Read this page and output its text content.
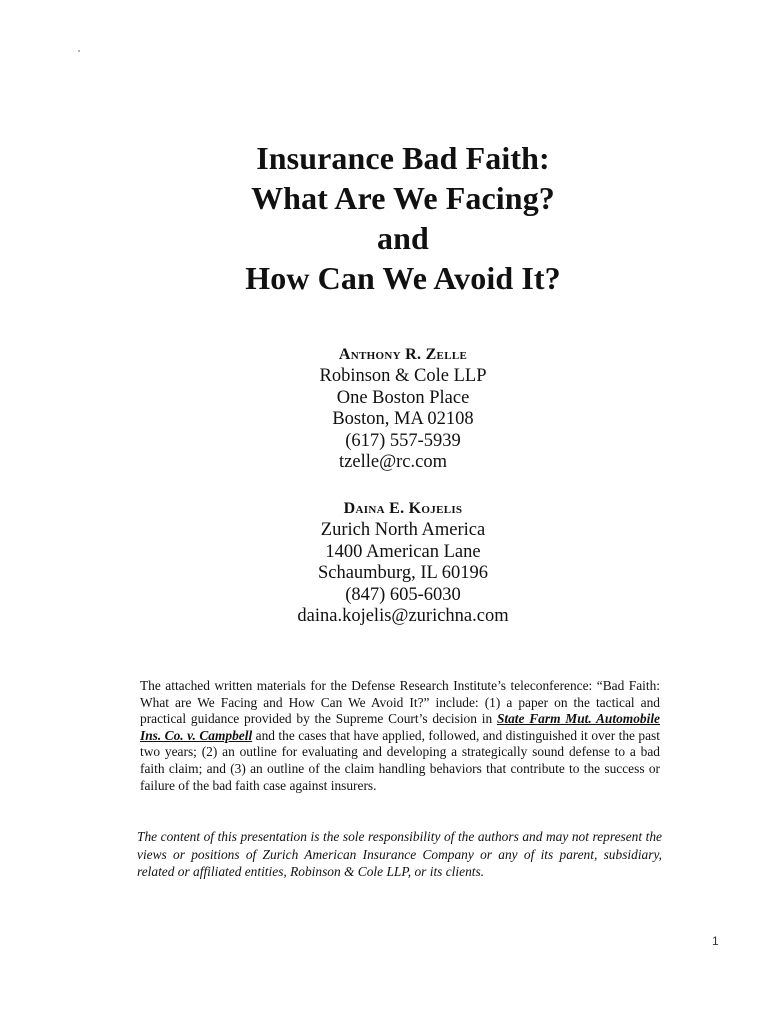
Insurance Bad Faith:
What Are We Facing?
and
How Can We Avoid It?
Anthony R. Zelle
Robinson & Cole LLP
One Boston Place
Boston, MA 02108
(617) 557-5939
tzelle@rc.com
Daina E. Kojelis
Zurich North America
1400 American Lane
Schaumburg, IL 60196
(847) 605-6030
daina.kojelis@zurichna.com
The attached written materials for the Defense Research Institute’s teleconference: “Bad Faith: What are We Facing and How Can We Avoid It?” include: (1) a paper on the tactical and practical guidance provided by the Supreme Court’s decision in State Farm Mut. Automobile Ins. Co. v. Campbell and the cases that have applied, followed, and distinguished it over the past two years; (2) an outline for evaluating and developing a strategically sound defense to a bad faith claim; and (3) an outline of the claim handling behaviors that contribute to the success or failure of the bad faith case against insurers.
The content of this presentation is the sole responsibility of the authors and may not represent the views or positions of Zurich American Insurance Company or any of its parent, subsidiary, related or affiliated entities, Robinson & Cole LLP, or its clients.
1
